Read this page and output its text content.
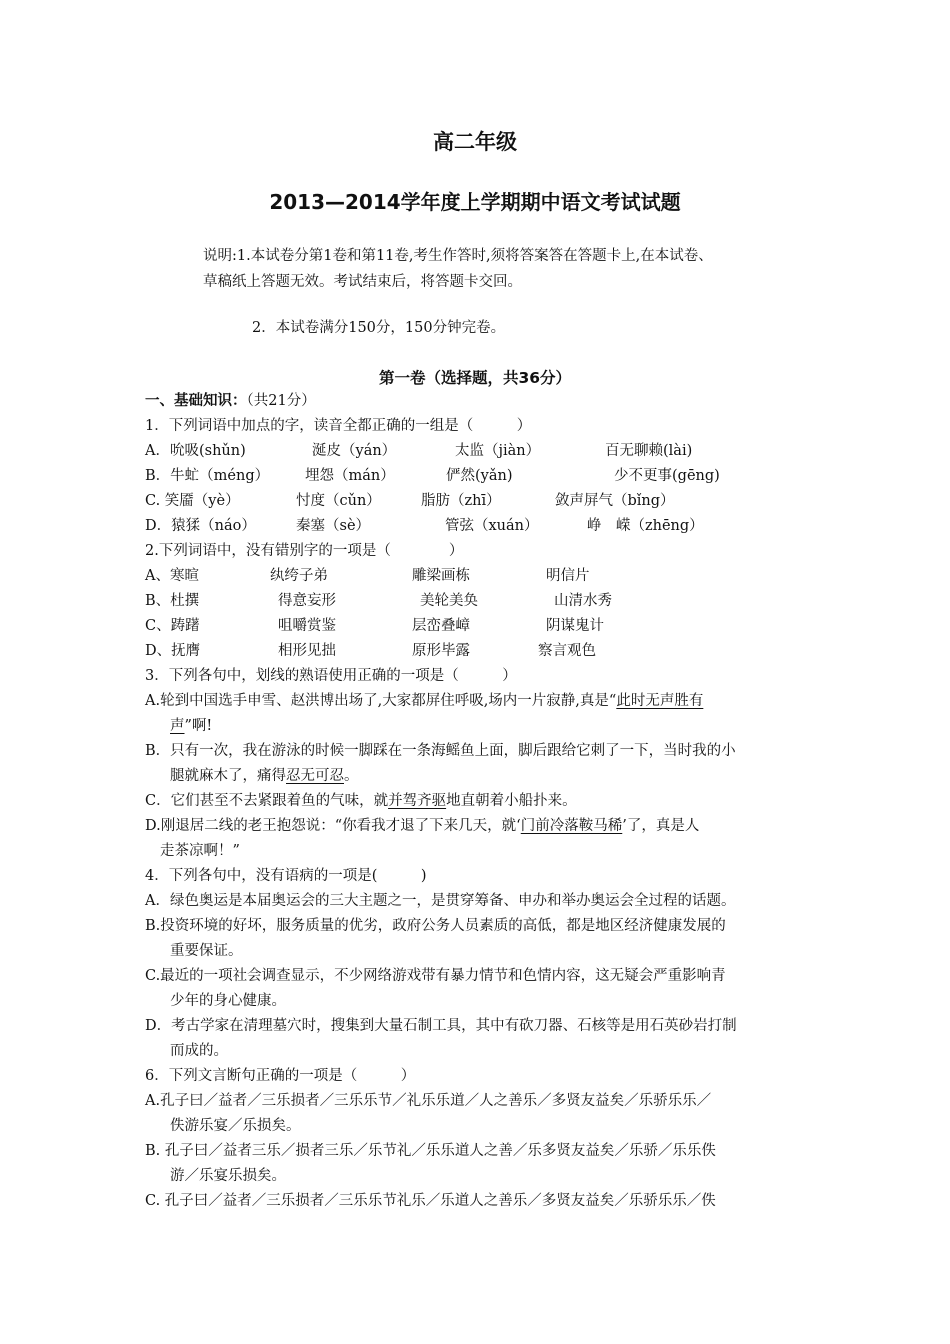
高二年级
2013—2014学年度上学期期中语文考试试题
说明:1.本试卷分第1卷和第11卷,考生作答时,须将答案答在答题卡上,在本试卷、
草稿纸上答题无效。考试结束后，将答题卡交回。
2．本试卷满分150分，150分钟完卷。
第一卷（选择题，共36分）
一、基础知识：（共21分）
1．下列词语中加点的字，读音全都正确的一组是（　　　）
A．吮吸(shǔn)	涎皮（yán）	太监（jiàn）	百无聊赖(lài)
B．牛虻（méng） 埋怨（mán）	俨然(yǎn)	少不更事(gēng)
C. 笑靥（yè）	忖度（cǔn）	脂肪（zhī）	敛声屏气（bǐng）
D．猿猱（náo）	秦塞（sè）	管弦（xuán）	峥　嵘（zhēng）
2.下列词语中，没有错别字的一项是（　　　　）
A、寒暄	纨绔子弟	雕梁画栋	明信片
B、杜撰	得意妄形	美轮美奂	山清水秀
C、踌躇	咀嚼赏鉴	层峦叠嶂	阴谋鬼计
D、抚膺	相形见拙	原形毕露	察言观色
3．下列各句中，划线的熟语使用正确的一项是（　　　）
A.轮到中国选手申雪、赵洪博出场了,大家都屏住呼吸,场内一片寂静,真是“此时无声胜有
声”啊!
B．只有一次，我在游泳的时候一脚踩在一条海鳐鱼上面，脚后跟给它刺了一下，当时我的小
腿就麻木了，痛得忍无可忍。
C．它们甚至不去紧跟着鱼的气味，就并驾齐驱地直朝着小船扑来。
D.刚退居二线的老王抱怨说：“你看我才退了下来几天，就‘门前冷落鞍马稀’了，真是人
走茶凉啊！”
4．下列各句中，没有语病的一项是(　　　)
A．绿色奥运是本届奥运会的三大主题之一，是贯穿筹备、申办和举办奥运会全过程的话题。
B.投资环境的好坏，服务质量的优劣，政府公务人员素质的高低，都是地区经济健康发展的
重要保证。
C.最近的一项社会调查显示，不少网络游戏带有暴力情节和色情内容，这无疑会严重影响青
少年的身心健康。
D．考古学家在清理墓穴时，搜集到大量石制工具，其中有砍刀器、石核等是用石英砂岩打制
而成的。
6．下列文言断句正确的一项是（　　　）
A.孔子曰／益者／三乐损者／三乐乐节／礼乐乐道／人之善乐／多贤友益矣／乐骄乐乐／
佚游乐宴／乐损矣。
B. 孔子曰／益者三乐／损者三乐／乐节礼／乐乐道人之善／乐多贤友益矣／乐骄／乐乐佚
游／乐宴乐损矣。
C. 孔子曰／益者／三乐损者／三乐乐节礼乐／乐道人之善乐／多贤友益矣／乐骄乐乐／佚
